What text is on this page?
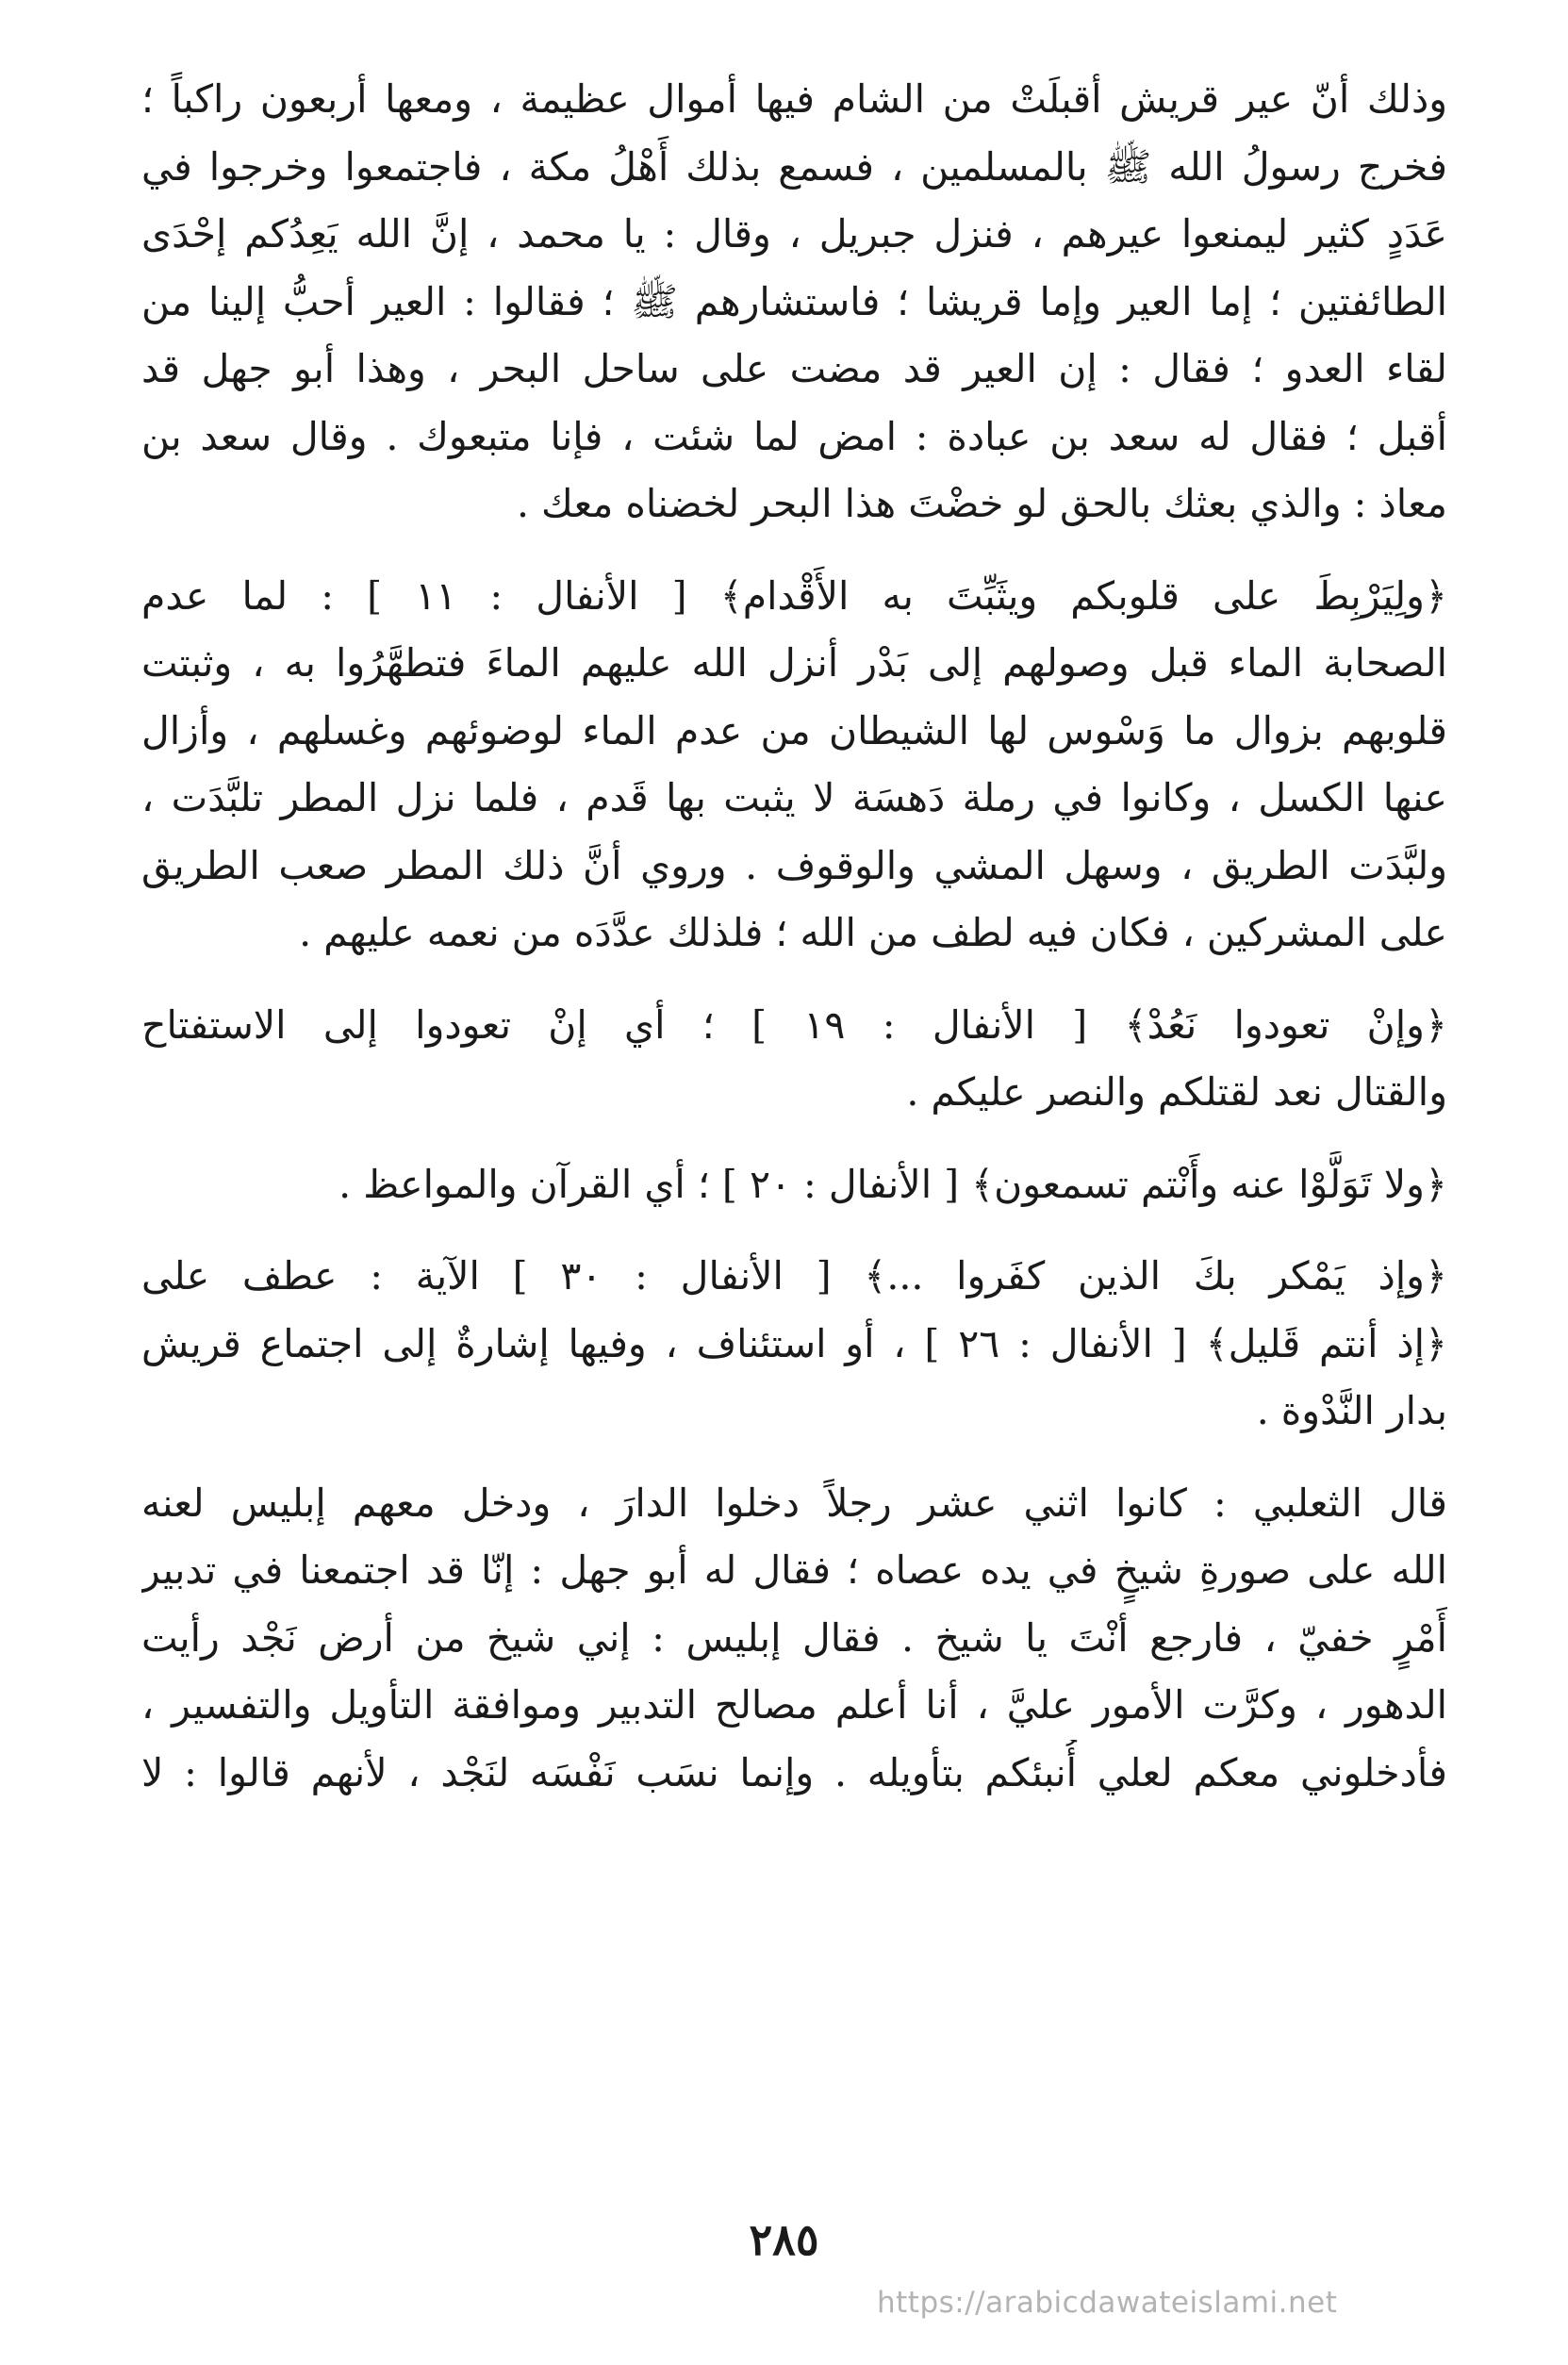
وذلك أنّ عير قريش أقبلَتْ من الشام فيها أموال عظيمة ، ومعها أربعون راكباً ؛
فخرج رسولُ الله ﷺ بالمسلمين ، فسمع بذلك أَهْلُ مكة ، فاجتمعوا وخرجوا في
عَدَدٍ كثير ليمنعوا عيرهم ، فنزل جبريل ، وقال : يا محمد ، إنَّ الله يَعِدُكم إحْدَى
الطائفتين ؛ إما العير وإما قريشا ؛ فاستشارهم ﷺ ؛ فقالوا : العير أحبُّ إلينا من
لقاء العدو ؛ فقال : إن العير قد مضت على ساحل البحر ، وهذا أبو جهل قد
أقبل ؛ فقال له سعد بن عبادة : امض لما شئت ، فإنا متبعوك . وقال سعد بن
معاذ : والذي بعثك بالحق لو خضْتَ هذا البحر لخضناه معك .
﴿ولِيَرْبِطَ على قلوبكم ويثَبِّتَ به الأَقْدام﴾ [ الأنفال : ١١ ] : لما عدم
الصحابة الماء قبل وصولهم إلى بَدْر أنزل الله عليهم الماءَ فتطهَّرُوا به ، وثبتت
قلوبهم بزوال ما وَسْوس لها الشيطان من عدم الماء لوضوئهم وغسلهم ، وأزال
عنها الكسل ، وكانوا في رملة دَهسَة لا يثبت بها قَدم ، فلما نزل المطر تلبَّدَت ،
ولبَّدَت الطريق ، وسهل المشي والوقوف . وروي أنَّ ذلك المطر صعب الطريق
على المشركين ، فكان فيه لطف من الله ؛ فلذلك عدَّدَه من نعمه عليهم .
﴿وإنْ تعودوا نَعُدْ﴾ [ الأنفال : ١٩ ] ؛ أي إنْ تعودوا إلى الاستفتاح
والقتال نعد لقتلكم والنصر عليكم .
﴿ولا تَوَلَّوْا عنه وأَنْتم تسمعون﴾ [ الأنفال : ٢٠ ] ؛ أي القرآن والمواعظ .
﴿وإذ يَمْكر بكَ الذين كفَروا ...﴾ [ الأنفال : ٣٠ ] الآية : عطف على
﴿إذ أنتم قَليل﴾ [ الأنفال : ٢٦ ] ، أو استئناف ، وفيها إشارةٌ إلى اجتماع قريش
بدار النَّدْوة .
قال الثعلبي : كانوا اثني عشر رجلاً دخلوا الدارَ ، ودخل معهم إبليس لعنه
الله على صورةِ شيخٍ في يده عصاه ؛ فقال له أبو جهل : إنّا قد اجتمعنا في تدبير
أَمْرٍ خفيّ ، فارجع أنْتَ يا شيخ . فقال إبليس : إني شيخ من أرض نَجْد رأيت
الدهور ، وكرَّت الأمور عليَّ ، أنا أعلم مصالح التدبير وموافقة التأويل والتفسير ،
فأدخلوني معكم لعلي أُنبئكم بتأويله . وإنما نسَب نَفْسَه لنَجْد ، لأنهم قالوا : لا
٢٨٥
https://arabicdawateislami.net
